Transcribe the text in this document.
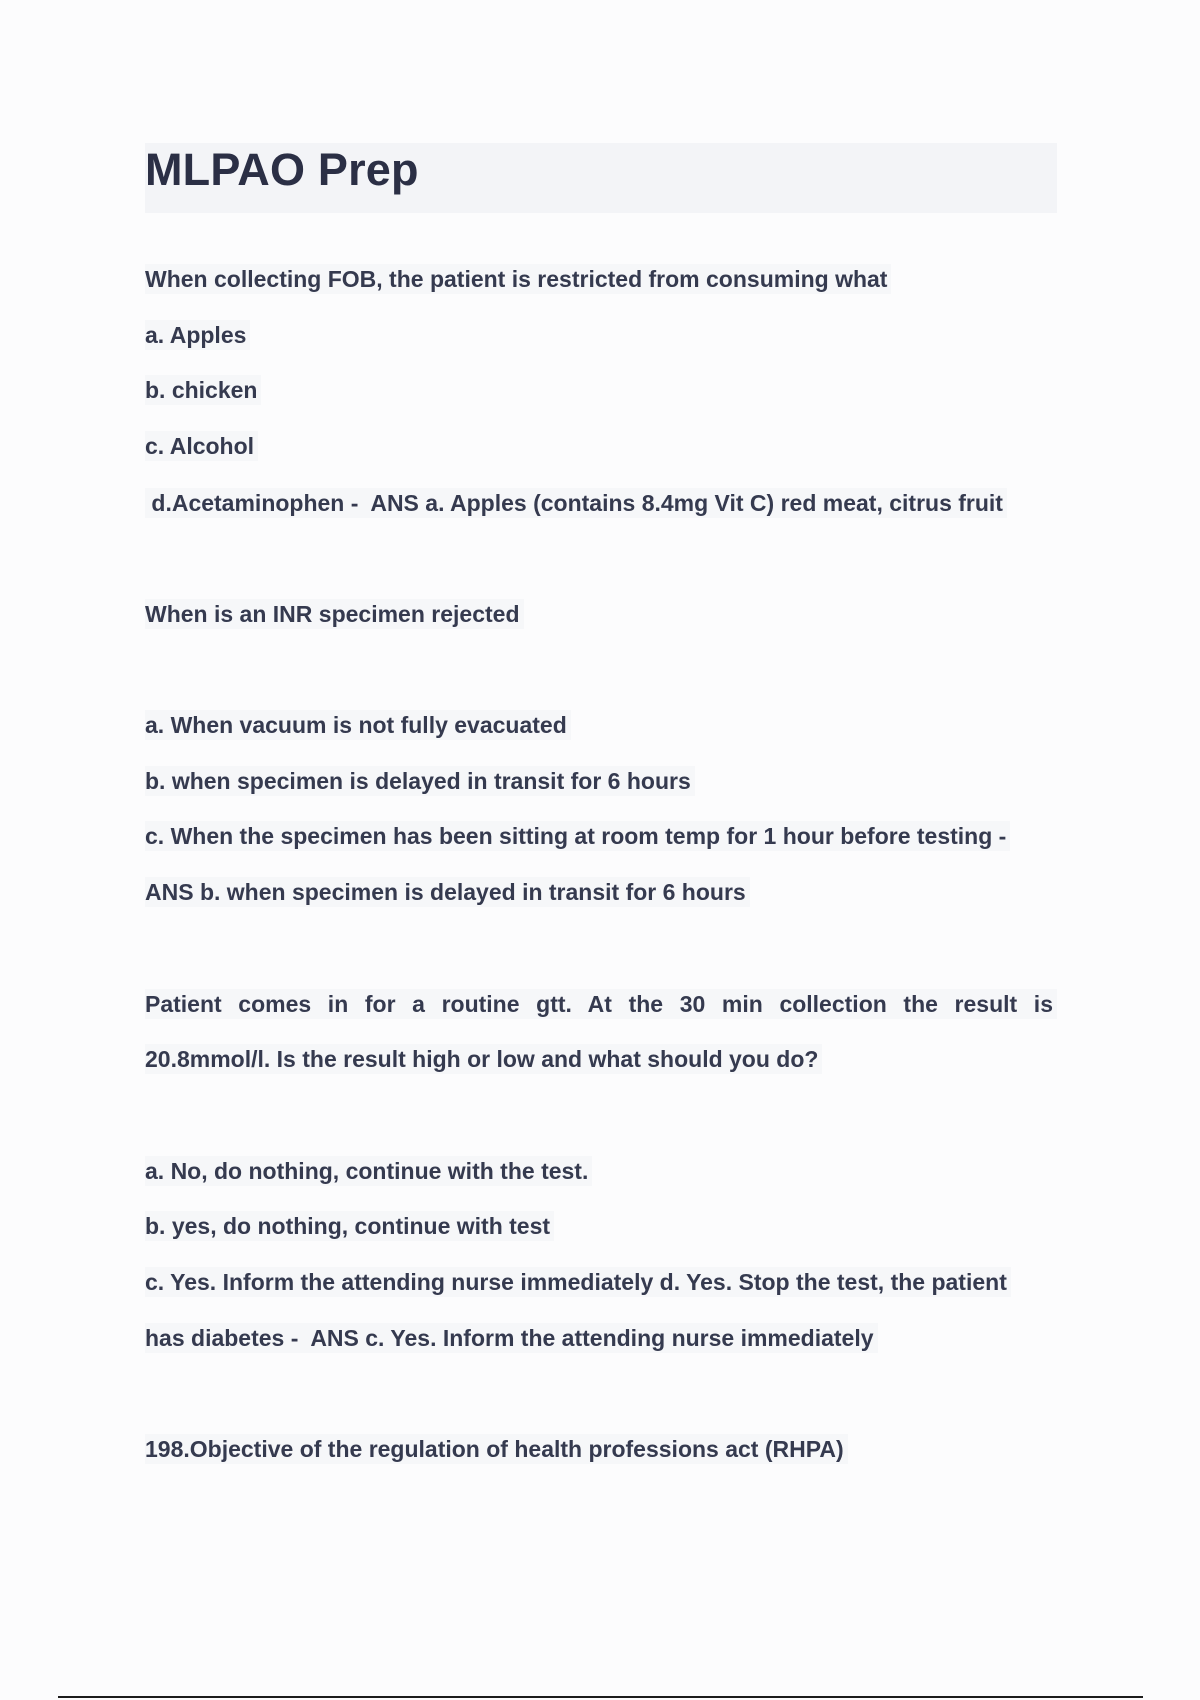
MLPAO Prep

When collecting FOB, the patient is restricted from consuming what

a. Apples

b. chicken

c. Alcohol

d.Acetaminophen -  ANS a. Apples (contains 8.4mg Vit C) red meat, citrus fruit

When is an INR specimen rejected

a. When vacuum is not fully evacuated

b. when specimen is delayed in transit for 6 hours

c. When the specimen has been sitting at room temp for 1 hour before testing -

ANS b. when specimen is delayed in transit for 6 hours

Patient comes in for a routine gtt. At the 30 min collection the result is

20.8mmol/l. Is the result high or low and what should you do?

a. No, do nothing, continue with the test.

b. yes, do nothing, continue with test

c. Yes. Inform the attending nurse immediately d. Yes. Stop the test, the patient

has diabetes -  ANS c. Yes. Inform the attending nurse immediately

198.Objective of the regulation of health professions act (RHPA)
